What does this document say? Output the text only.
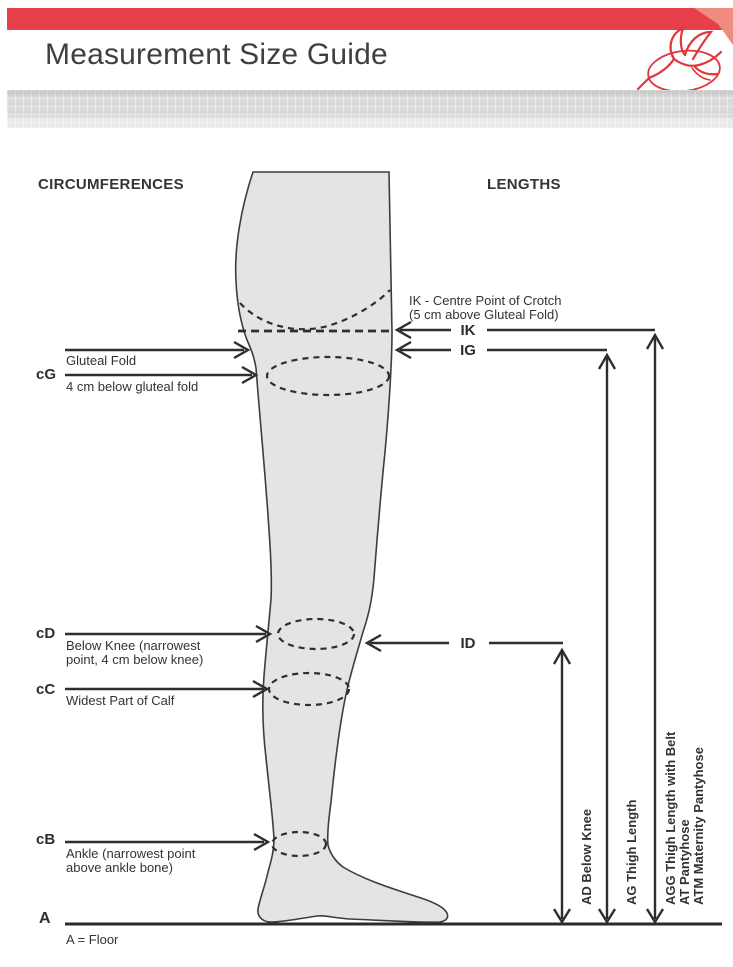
Measurement Size Guide
CIRCUMFERENCES	LENGTHS
Gluteal Fold
cG
4 cm below gluteal fold
cD
Below Knee (narrowest
point, 4 cm below knee)
cC
Widest Part of Calf
cB
Ankle (narrowest point
above ankle bone)
A
A = Floor
IK - Centre Point of Crotch
(5 cm above Gluteal Fold)
IK
IG
ID
AD Below Knee AG Thigh Length AGG Thigh Length with Belt AT Pantyhose ATM Maternity Pantyhose
